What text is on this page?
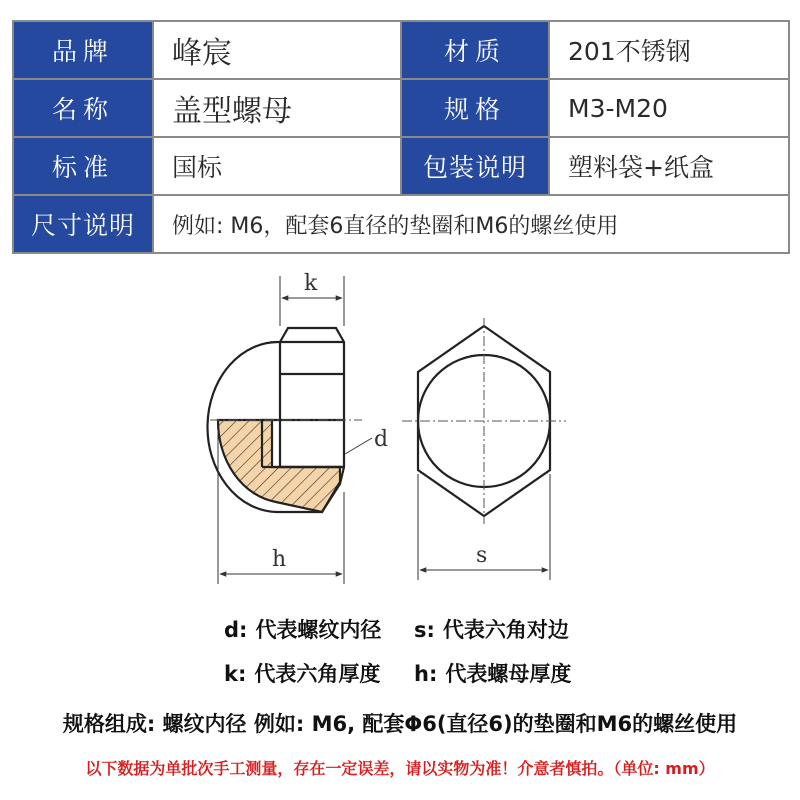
品牌	峰宸	材质	201不锈钢
名称	盖型螺母	规格	M3-M20
标准	国标	包装说明	塑料袋+纸盒
尺寸说明	例如: M6，配套6直径的垫圈和M6的螺丝使用		
k
d
h	s
d: 代表螺纹内径 s: 代表六角对边
k: 代表六角厚度 h: 代表螺母厚度
规格组成: 螺纹内径 例如: M6, 配套Φ6(直径6)的垫圈和M6的螺丝使用
以下数据为单批次手工测量，存在一定误差，请以实物为准！介意者慎拍。（单位: mm）
